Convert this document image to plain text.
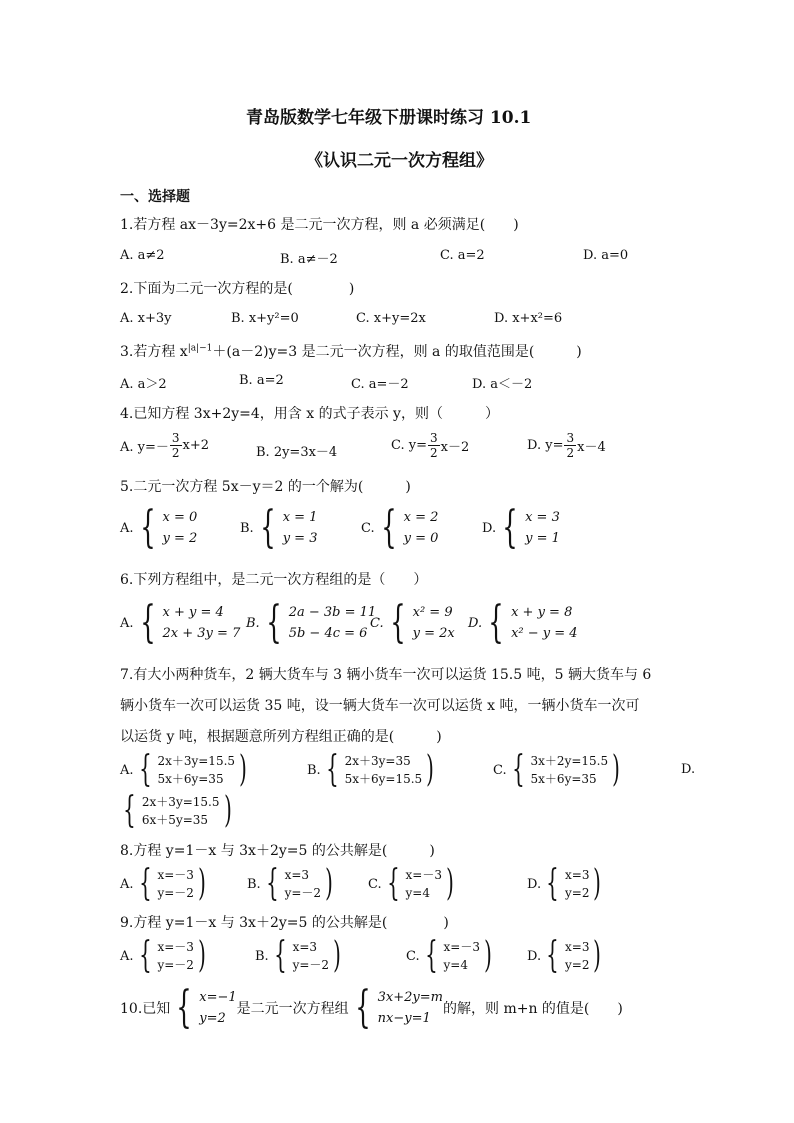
青岛版数学七年级下册课时练习 10.1
《认识二元一次方程组》
一、选择题
1.若方程 ax－3y=2x+6 是二元一次方程，则 a 必须满足(　　)
A. a≠2	B. a≠－2	C. a=2	D. a=0
2.下面为二元一次方程的是(　　　　)
A. x+3y	B. x+y²=0	C. x+y=2x	D. x+x²=6
3.若方程 $x^{|a|-1}+(a-2)y=3$ 是二元一次方程，则 a 的取值范围是(　　　)
A. a＞2	B. a=2	C. a=－2	D. a＜－2
4.已知方程 3x+2y=4，用含 x 的式子表示 y，则（　　　）
A. $y=- \frac{3}{2} x+2$	B. 2y=3x－4	C. $y= \frac{3}{2} x-2$	D. $y= \frac{3}{2} x-4$
5.二元一次方程 5x－y＝2 的一个解为(　　　)
A. { x = 0
y = 2
B. { x = 1
y = 3
C. { x = 2
y = 0
D. { x = 3
y = 1
6.下列方程组中，是二元一次方程组的是（　　）
A. { x + y = 4
2x + 3y = 7
B. { 2a − 3b = 11
5b − 4c = 6
C. { x² = 9
y = 2x
D. { x + y = 8
x² − y = 4
7.有大小两种货车，2 辆大货车与 3 辆小货车一次可以运货 15.5 吨，5 辆大货车与 6
辆小货车一次可以运货 35 吨，设一辆大货车一次可以运货 x 吨，一辆小货车一次可
以运货 y 吨，根据题意所列方程组正确的是(　　　)
A. { 2x＋3y=15.5
5x＋6y=35 )	B. { 2x＋3y=35
5x＋6y=15.5 )	C. { 3x＋2y=15.5
5x＋6y=35 )	D.
{ 2x＋3y=15.5
6x＋5y=35 )
8.方程 y=1－x 与 3x＋2y=5 的公共解是(　　　)
A. { x=－3
y=－2 )	B. { x=3
y=－2 )	C. { x=－3
y=4 )	D. { x=3
y=2 )
9.方程 y=1－x 与 3x＋2y=5 的公共解是(　　　　)
A. { x=－3
y=－2 )	B. { x=3
y=－2 )	C. { x=－3
y=4 )	D. { x=3
y=2 )
10.已知 { x=−1
y=2
是二元一次方程组 { 3x+2y=m
nx−y=1
的解，则 m+n 的值是(　　)
